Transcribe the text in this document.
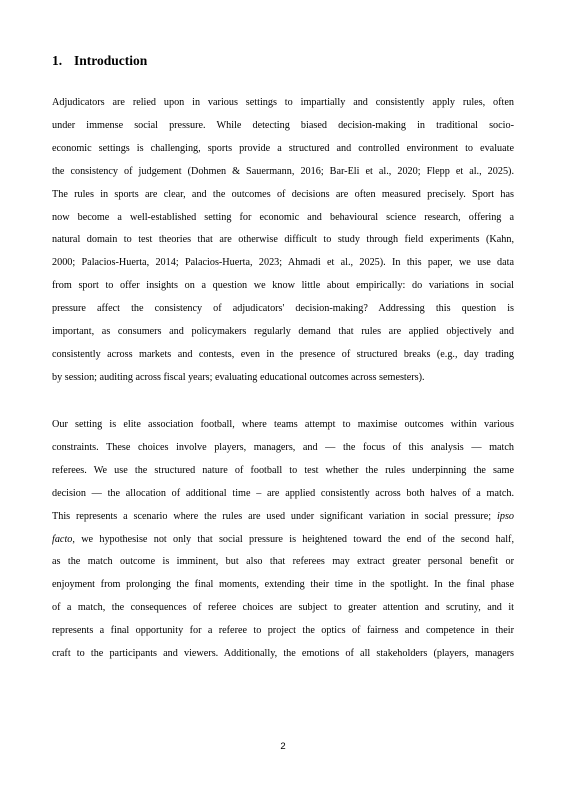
1. Introduction
Adjudicators are relied upon in various settings to impartially and consistently apply rules, often
under immense social pressure. While detecting biased decision-making in traditional socio-
economic settings is challenging, sports provide a structured and controlled environment to evaluate
the consistency of judgement (Dohmen & Sauermann, 2016; Bar-Eli et al., 2020; Flepp et al., 2025).
The rules in sports are clear, and the outcomes of decisions are often measured precisely. Sport has
now become a well-established setting for economic and behavioural science research, offering a
natural domain to test theories that are otherwise difficult to study through field experiments (Kahn,
2000; Palacios-Huerta, 2014; Palacios-Huerta, 2023; Ahmadi et al., 2025). In this paper, we use data
from sport to offer insights on a question we know little about empirically: do variations in social
pressure affect the consistency of adjudicators' decision-making? Addressing this question is
important, as consumers and policymakers regularly demand that rules are applied objectively and
consistently across markets and contests, even in the presence of structured breaks (e.g., day trading
by session; auditing across fiscal years; evaluating educational outcomes across semesters).
Our setting is elite association football, where teams attempt to maximise outcomes within various
constraints. These choices involve players, managers, and — the focus of this analysis — match
referees. We use the structured nature of football to test whether the rules underpinning the same
decision — the allocation of additional time – are applied consistently across both halves of a match.
This represents a scenario where the rules are used under significant variation in social pressure; ipso
facto, we hypothesise not only that social pressure is heightened toward the end of the second half,
as the match outcome is imminent, but also that referees may extract greater personal benefit or
enjoyment from prolonging the final moments, extending their time in the spotlight. In the final phase
of a match, the consequences of referee choices are subject to greater attention and scrutiny, and it
represents a final opportunity for a referee to project the optics of fairness and competence in their
craft to the participants and viewers. Additionally, the emotions of all stakeholders (players, managers
2
